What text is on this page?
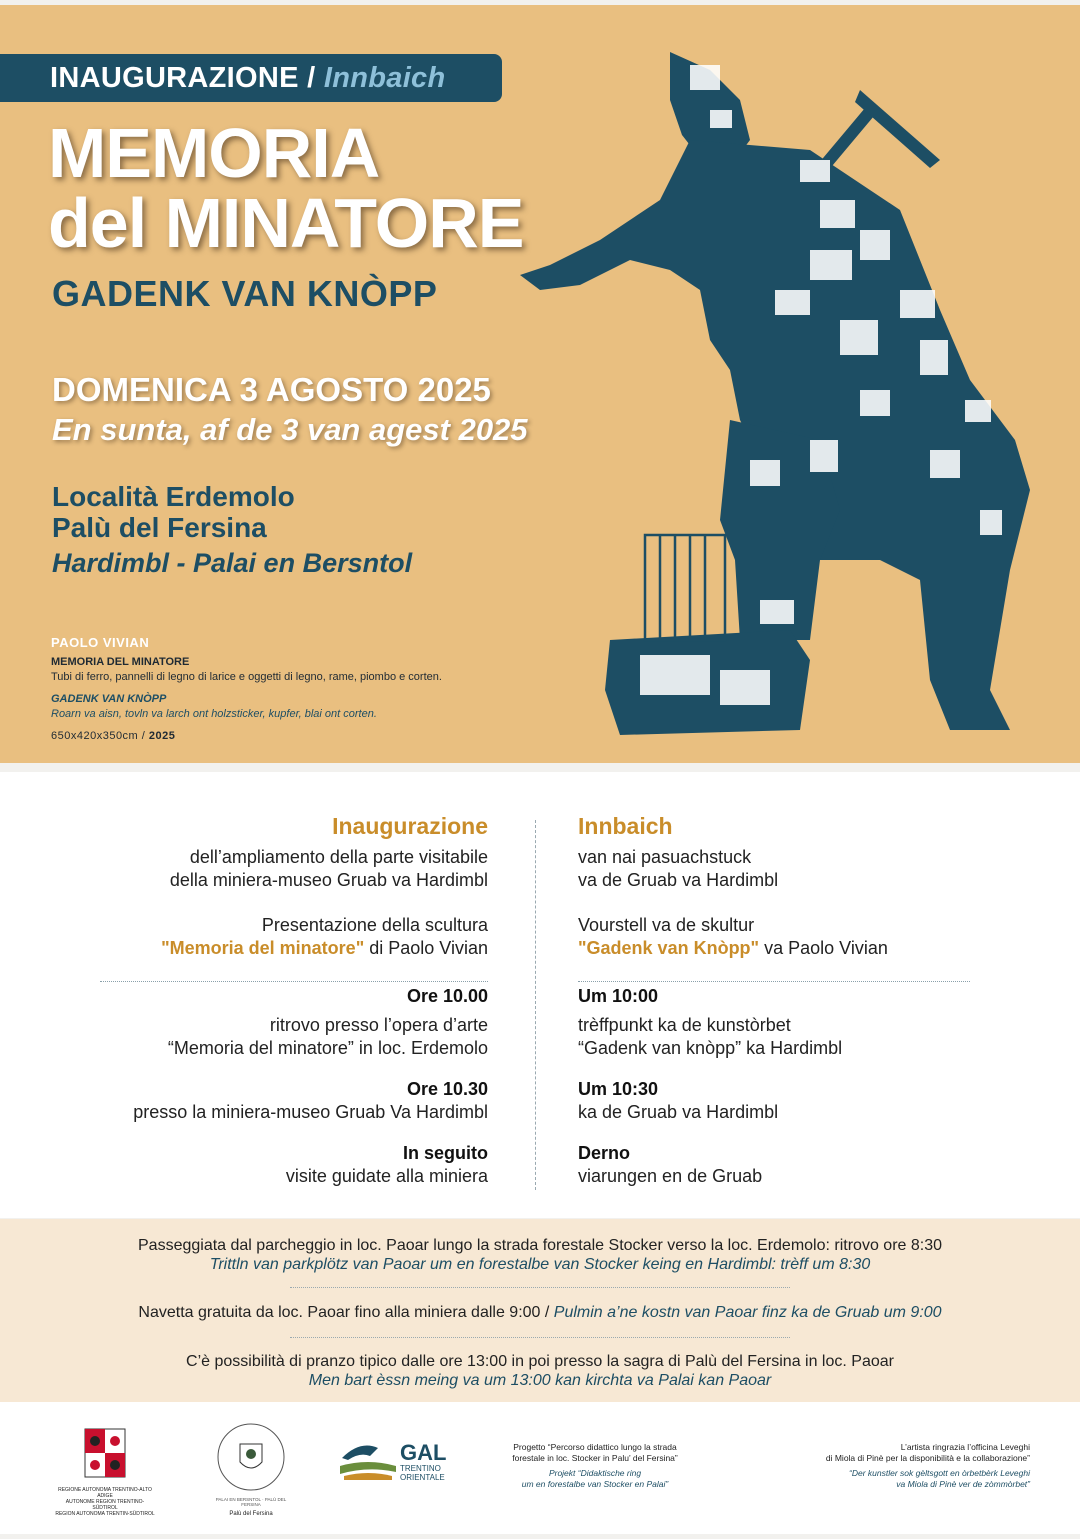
INAUGURAZIONE / Innbaich
MEMORIA
del MINATORE
GADENK VAN KNÒPP
DOMENICA 3 AGOSTO 2025
En sunta, af de 3 van agest 2025
Località Erdemolo
Palù del Fersina
Hardimbl - Palai en Bersntol
PAOLO VIVIAN
MEMORIA DEL MINATORE
Tubi di ferro, pannelli di legno di larice e oggetti di legno, rame, piombo e corten.
GADENK VAN KNÒPP
Roarn va aisn, tovln va larch ont holzsticker, kupfer, blai ont corten.
650x420x350cm / 2025
Inaugurazione
dell’ampliamento della parte visitabile
della miniera-museo Gruab va Hardimbl
Presentazione della scultura
"Memoria del minatore" di Paolo Vivian
Ore 10.00
ritrovo presso l’opera d’arte
“Memoria del minatore” in loc. Erdemolo
Ore 10.30
presso la miniera-museo Gruab Va Hardimbl
In seguito
visite guidate alla miniera
Innbaich
van nai pasuachstuck
va de Gruab va Hardimbl
Vourstell va de skultur
"Gadenk van Knòpp" va Paolo Vivian
Um 10:00
trèffpunkt ka de kunstòrbet
“Gadenk van knòpp” ka Hardimbl
Um 10:30
ka de Gruab va Hardimbl
Derno
viarungen en de Gruab
Passeggiata dal parcheggio in loc. Paoar lungo la strada forestale Stocker verso la loc. Erdemolo: ritrovo ore 8:30
Trittln van parkplötz van Paoar um en forestalbe van Stocker keing en Hardimbl: trèff um 8:30
Navetta gratuita da loc. Paoar fino alla miniera dalle 9:00 / Pulmin a’ne kostn van Paoar finz ka de Gruab um 9:00
C’è possibilità di pranzo tipico dalle ore 13:00 in poi presso la sagra di Palù del Fersina in loc. Paoar
Men bart èssn meing va um 13:00 kan kirchta va Palai kan Paoar
REGIONE AUTONOMA TRENTINO-ALTO ADIGE
AUTONOME REGION TRENTINO-SÜDTIROL
REGION AUTONOMA TRENTIN-SÜDTIROL
PALAI EN BERSNTOL · PALÙ DEL FERSINA
Palù del Fersina
GAL
TRENTINO
ORIENTALE
Progetto “Percorso didattico lungo la strada
forestale in loc. Stocker in Palu’ del Fersina”
Projekt “Didaktische ring
um en forestalbe van Stocker en Palai”
L’artista ringrazia l’officina Leveghi
di Miola di Pinè per la disponibilità e la collaborazione”
“Der kunstler sok gèltsgott en òrbetbèrk Leveghi
va Miola di Pinè ver de zòmmòrbet”
